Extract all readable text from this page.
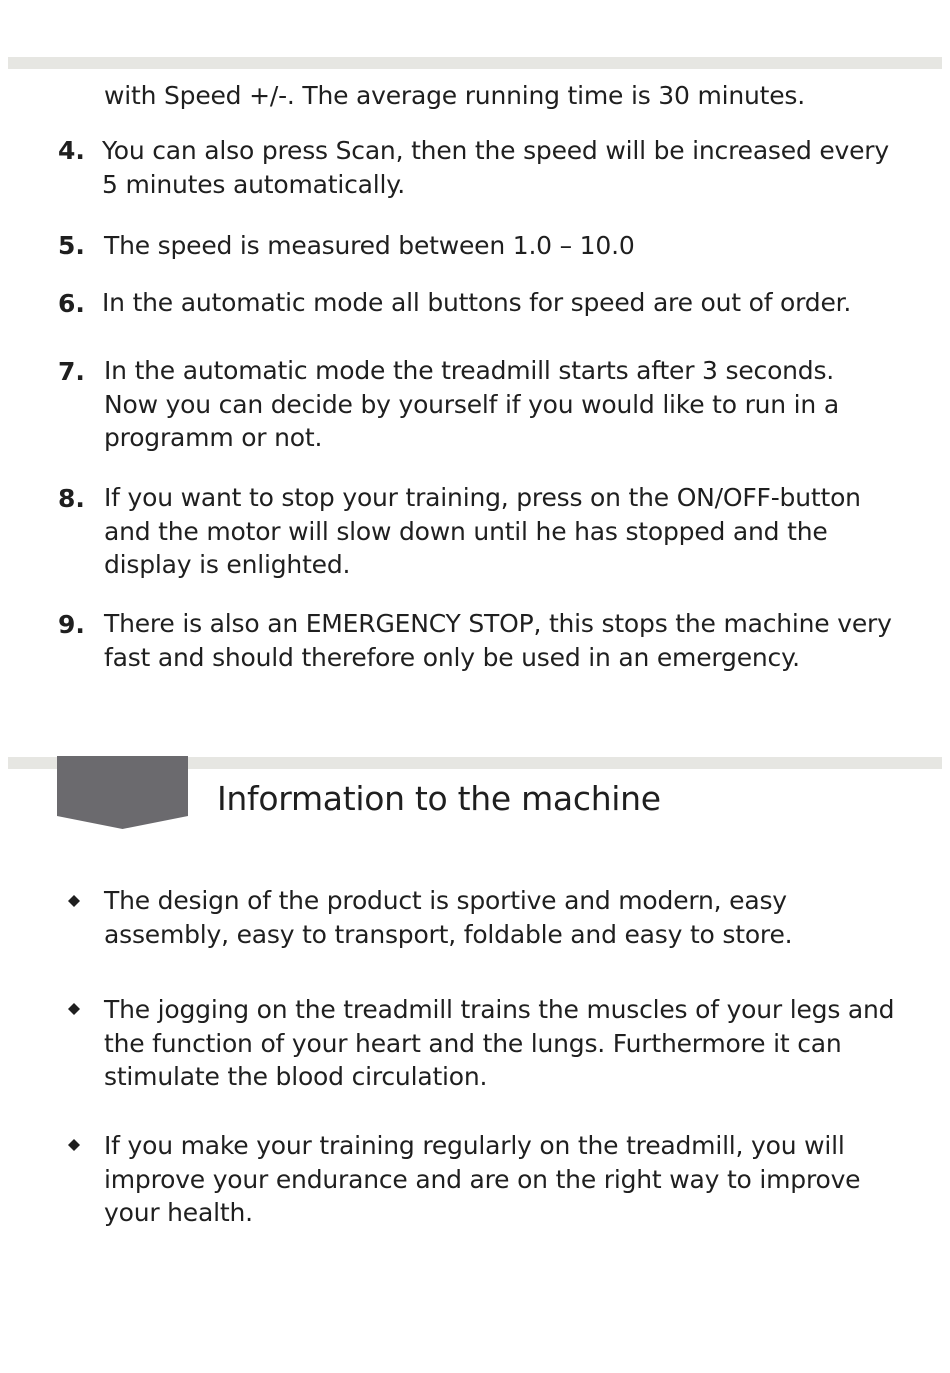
with Speed +/-. The average running time is 30 minutes.

4. You can also press Scan, then the speed will be increased every
5 minutes automatically.
5. The speed is measured between 1.0 – 10.0
6. In the automatic mode all buttons for speed are out of order.
7. In the automatic mode the treadmill starts after 3 seconds.
Now you can decide by yourself if you would like to run in a
programm or not.
8. If you want to stop your training, press on the ON/OFF-button
and the motor will slow down until he has stopped and the
display is enlighted.
9. There is also an EMERGENCY STOP, this stops the machine very
fast and should therefore only be used in an emergency.
Information to the machine
The design of the product is sportive and modern, easy
assembly, easy to transport, foldable and easy to store.
The jogging on the treadmill trains the muscles of your legs and
the function of your heart and the lungs. Furthermore it can
stimulate the blood circulation.
If you make your training regularly on the treadmill, you will
improve your endurance and are on the right way to improve
your health.
